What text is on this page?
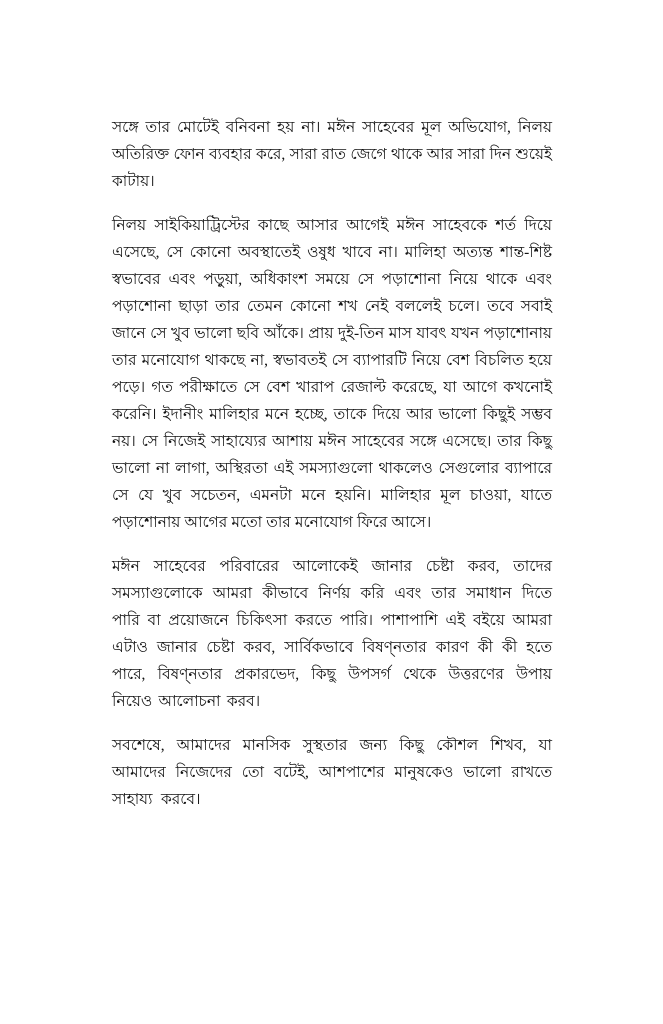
সঙ্গে তার মোটেই বনিবনা হয় না। মঈন সাহেবের মূল অভিযোগ, নিলয় অতিরিক্ত ফোন ব্যবহার করে, সারা রাত জেগে থাকে আর সারা দিন শুয়েই কাটায়।

নিলয় সাইকিয়াট্রিস্টের কাছে আসার আগেই মঈন সাহেবকে শর্ত দিয়ে এসেছে, সে কোনো অবস্থাতেই ওষুধ খাবে না। মালিহা অত্যন্ত শান্ত-শিষ্ট স্বভাবের এবং পড়ুয়া, অধিকাংশ সময়ে সে পড়াশোনা নিয়ে থাকে এবং পড়াশোনা ছাড়া তার তেমন কোনো শখ নেই বললেই চলে। তবে সবাই জানে সে খুব ভালো ছবি আঁকে। প্রায় দুই-তিন মাস যাবৎ যখন পড়াশোনায় তার মনোযোগ থাকছে না, স্বভাবতই সে ব্যাপারটি নিয়ে বেশ বিচলিত হয়ে পড়ে। গত পরীক্ষাতে সে বেশ খারাপ রেজাল্ট করেছে, যা আগে কখনোই করেনি। ইদানীং মালিহার মনে হচ্ছে, তাকে দিয়ে আর ভালো কিছুই সম্ভব নয়। সে নিজেই সাহায্যের আশায় মঈন সাহেবের সঙ্গে এসেছে। তার কিছু ভালো না লাগা, অস্থিরতা এই সমস্যাগুলো থাকলেও সেগুলোর ব্যাপারে সে যে খুব সচেতন, এমনটা মনে হয়নি। মালিহার মূল চাওয়া, যাতে পড়াশোনায় আগের মতো তার মনোযোগ ফিরে আসে।

মঈন সাহেবের পরিবারের আলোকেই জানার চেষ্টা করব, তাদের সমস্যাগুলোকে আমরা কীভাবে নির্ণয় করি এবং তার সমাধান দিতে পারি বা প্রয়োজনে চিকিৎসা করতে পারি। পাশাপাশি এই বইয়ে আমরা এটাও জানার চেষ্টা করব, সার্বিকভাবে বিষণ্নতার কারণ কী কী হতে পারে, বিষণ্নতার প্রকারভেদ, কিছু উপসর্গ থেকে উত্তরণের উপায় নিয়েও আলোচনা করব।

সবশেষে, আমাদের মানসিক সুস্থতার জন্য কিছু কৌশল শিখব, যা আমাদের নিজেদের তো বটেই, আশপাশের মানুষকেও ভালো রাখতে সাহায্য করবে।
